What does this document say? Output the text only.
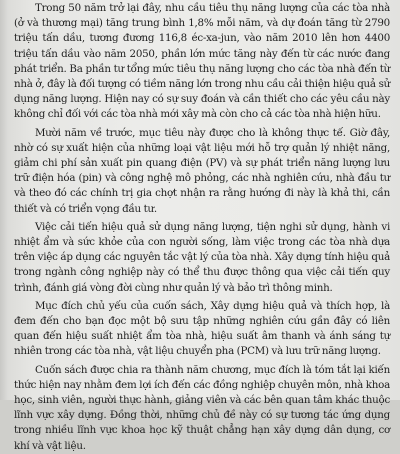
Trong 50 năm trở lại đây, nhu cầu tiêu thụ năng lượng của các tòa nhà (ở và thương mại) tăng trung bình 1,8% mỗi năm, và dự đoán tăng từ 2790 triệu tấn dầu, tương đương 116,8 éc-xa-jun, vào năm 2010 lên hơn 4400 triệu tấn dầu vào năm 2050, phần lớn mức tăng này đến từ các nước đang phát triển. Ba phần tư tổng mức tiêu thụ năng lượng cho các tòa nhà đến từ nhà ở, đây là đối tượng có tiềm năng lớn trong nhu cầu cải thiện hiệu quả sử dụng năng lượng. Hiện nay có sự suy đoán và cần thiết cho các yêu cầu này không chỉ đối với các tòa nhà mới xây mà còn cho cả các tòa nhà hiện hữu.

Mười năm về trước, mục tiêu này được cho là không thực tế. Giờ đây, nhờ có sự xuất hiện của những loại vật liệu mới hỗ trợ quản lý nhiệt năng, giảm chi phí sản xuất pin quang điện (PV) và sự phát triển năng lượng lưu trữ điện hóa (pin) và công nghệ mô phỏng, các nhà nghiên cứu, nhà đầu tư và theo đó các chính trị gia chợt nhận ra rằng hướng đi này là khả thi, cần thiết và có triển vọng đầu tư.

Việc cải tiến hiệu quả sử dụng năng lượng, tiện nghi sử dụng, hành vi nhiệt ẩm và sức khỏe của con người sống, làm việc trong các tòa nhà dựa trên việc áp dụng các nguyên tắc vật lý của tòa nhà. Xây dựng tính hiệu quả trong ngành công nghiệp này có thể thu được thông qua việc cải tiến quy trình, đánh giá vòng đời cùng như quản lý và bảo trì thông minh.

Mục đích chủ yếu của cuốn sách, Xây dựng hiệu quả và thích hợp, là đem đến cho bạn đọc một bộ sưu tập những nghiên cứu gần đây có liên quan đến hiệu suất nhiệt ẩm tòa nhà, hiệu suất âm thanh và ánh sáng tự nhiên trong các tòa nhà, vật liệu chuyển pha (PCM) và lưu trữ năng lượng.

Cuốn sách được chia ra thành năm chương, mục đích là tóm tắt lại kiến thức hiện nay nhằm đem lợi ích đến các đồng nghiệp chuyên môn, nhà khoa học, sinh viên, người thực hành, giảng viên và các bên quan tâm khác thuộc lĩnh vực xây dựng. Đồng thời, những chủ đề này có sự tương tác ứng dụng trong nhiều lĩnh vực khoa học kỹ thuật chẳng hạn xây dựng dân dụng, cơ khí và vật liệu.
